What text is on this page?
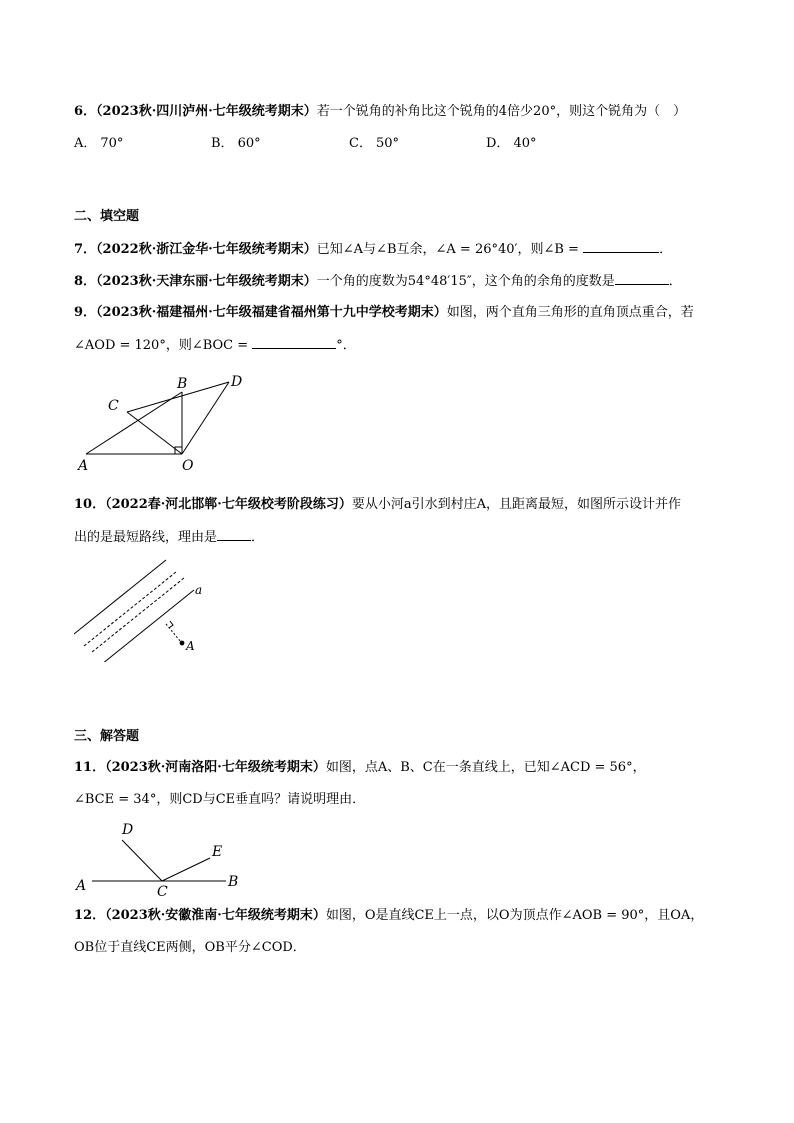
6．（2023秋·四川泸州·七年级统考期末）若一个锐角的补角比这个锐角的4倍少20°，则这个锐角为（　）
A． 70°	B． 60°	C． 50°	D． 40°
二、填空题
7．（2022秋·浙江金华·七年级统考期末）已知∠A与∠B互余，∠A = 26°40′，则∠B =	．
8．（2023秋·天津东丽·七年级统考期末）一个角的度数为54°48′15″，这个角的余角的度数是	．
9．（2023秋·福建福州·七年级福建省福州第十九中学校考期末）如图，两个直角三角形的直角顶点重合，若
∠AOD = 120°，则∠BOC =	°．
A
B
C
D
O
10．（2022春·河北邯郸·七年级校考阶段练习）要从小河a引水到村庄A，且距离最短，如图所示设计并作
出的是最短路线，理由是	．
a
A
三、解答题
11．（2023秋·河南洛阳·七年级统考期末）如图，点A、B、C在一条直线上，已知∠ACD = 56°，
∠BCE = 34°，则CD与CE垂直吗？请说明理由．
A	B
C
D
E
12．（2023秋·安徽淮南·七年级统考期末）如图，O是直线CE上一点，以O为顶点作∠AOB = 90°，且OA，
OB位于直线CE两侧，OB平分∠COD．
